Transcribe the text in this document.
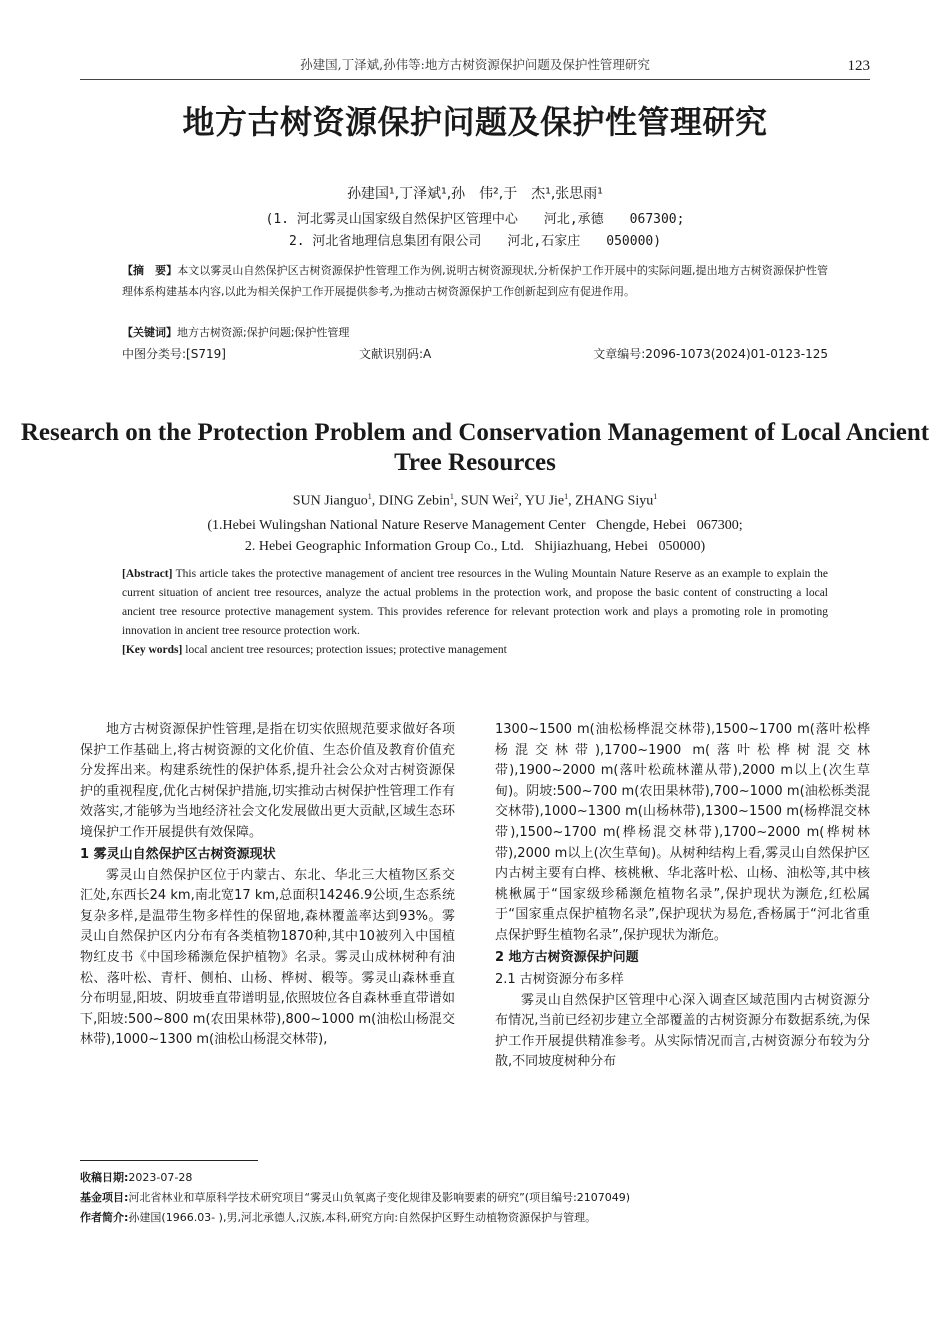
孙建国,丁泽斌,孙伟等:地方古树资源保护问题及保护性管理研究	123
地方古树资源保护问题及保护性管理研究
孙建国¹,丁泽斌¹,孙　伟²,于　杰¹,张思雨¹
(1. 河北雾灵山国家级自然保护区管理中心　　河北,承德　　067300;
2. 河北省地理信息集团有限公司　　河北,石家庄　　050000)
【摘　要】本文以雾灵山自然保护区古树资源保护性管理工作为例,说明古树资源现状,分析保护工作开展中的实际问题,提出地方古树资源保护性管理体系构建基本内容,以此为相关保护工作开展提供参考,为推动古树资源保护工作创新起到应有促进作用。
【关键词】地方古树资源;保护问题;保护性管理
中图分类号:[S719]	文献识别码:A	文章编号:2096-1073(2024)01-0123-125
Research on the Protection Problem and Conservation Management of Local Ancient Tree Resources
SUN Jianguo$^1$, DING Zebin$^1$, SUN Wei$^2$, YU Jie$^1$, ZHANG Siyu$^1$
(1.Hebei Wulingshan National Nature Reserve Management Center   Chengde, Hebei   067300;
2. Hebei Geographic Information Group Co., Ltd.   Shijiazhuang, Hebei   050000)
[Abstract] This article takes the protective management of ancient tree resources in the Wuling Mountain Nature Reserve as an example to explain the current situation of ancient tree resources, analyze the actual problems in the protection work, and propose the basic content of constructing a local ancient tree resource protective management system. This provides reference for relevant protection work and plays a promoting role in promoting innovation in ancient tree resource protection work.
[Key words] local ancient tree resources; protection issues; protective management

地方古树资源保护性管理,是指在切实依照规范要求做好各项保护工作基础上,将古树资源的文化价值、生态价值及教育价值充分发挥出来。构建系统性的保护体系,提升社会公众对古树资源保护的重视程度,优化古树保护措施,切实推动古树保护性管理工作有效落实,才能够为当地经济社会文化发展做出更大贡献,区域生态环境保护工作开展提供有效保障。

1 雾灵山自然保护区古树资源现状

雾灵山自然保护区位于内蒙古、东北、华北三大植物区系交汇处,东西长24 km,南北宽17 km,总面积14246.9公顷,生态系统复杂多样,是温带生物多样性的保留地,森林覆盖率达到93%。雾灵山自然保护区内分布有各类植物1870种,其中10被列入中国植物红皮书《中国珍稀濒危保护植物》名录。雾灵山成林树种有油松、落叶松、青杆、侧柏、山杨、桦树、椴等。雾灵山森林垂直分布明显,阳坡、阴坡垂直带谱明显,依照坡位各自森林垂直带谱如下,阳坡:500~800 m(农田果林带),800~1000 m(油松山杨混交林带),1000~1300 m(油松山杨混交林带),

1300~1500 m(油松杨桦混交林带),1500~1700 m(落叶松桦杨混交林带),1700~1900 m(落叶松桦树混交林带),1900~2000 m(落叶松疏林灌从带),2000 m以上(次生草甸)。阴坡:500~700 m(农田果林带),700~1000 m(油松栎类混交林带),1000~1300 m(山杨林带),1300~1500 m(杨桦混交林带),1500~1700 m(桦杨混交林带),1700~2000 m(桦树林带),2000 m以上(次生草甸)。从树种结构上看,雾灵山自然保护区内古树主要有白桦、核桃楸、华北落叶松、山杨、油松等,其中核桃楸属于“国家级珍稀濒危植物名录”,保护现状为濒危,红松属于“国家重点保护植物名录”,保护现状为易危,香杨属于“河北省重点保护野生植物名录”,保护现状为渐危。

2 地方古树资源保护问题
2.1 古树资源分布多样

雾灵山自然保护区管理中心深入调查区域范围内古树资源分布情况,当前已经初步建立全部覆盖的古树资源分布数据系统,为保护工作开展提供精准参考。从实际情况而言,古树资源分布较为分散,不同坡度树种分布

收稿日期:2023-07-28
基金项目:河北省林业和草原科学技术研究项目“雾灵山负氧离子变化规律及影响要素的研究”(项目编号:2107049)
作者简介:孙建国(1966.03- ),男,河北承德人,汉族,本科,研究方向:自然保护区野生动植物资源保护与管理。
